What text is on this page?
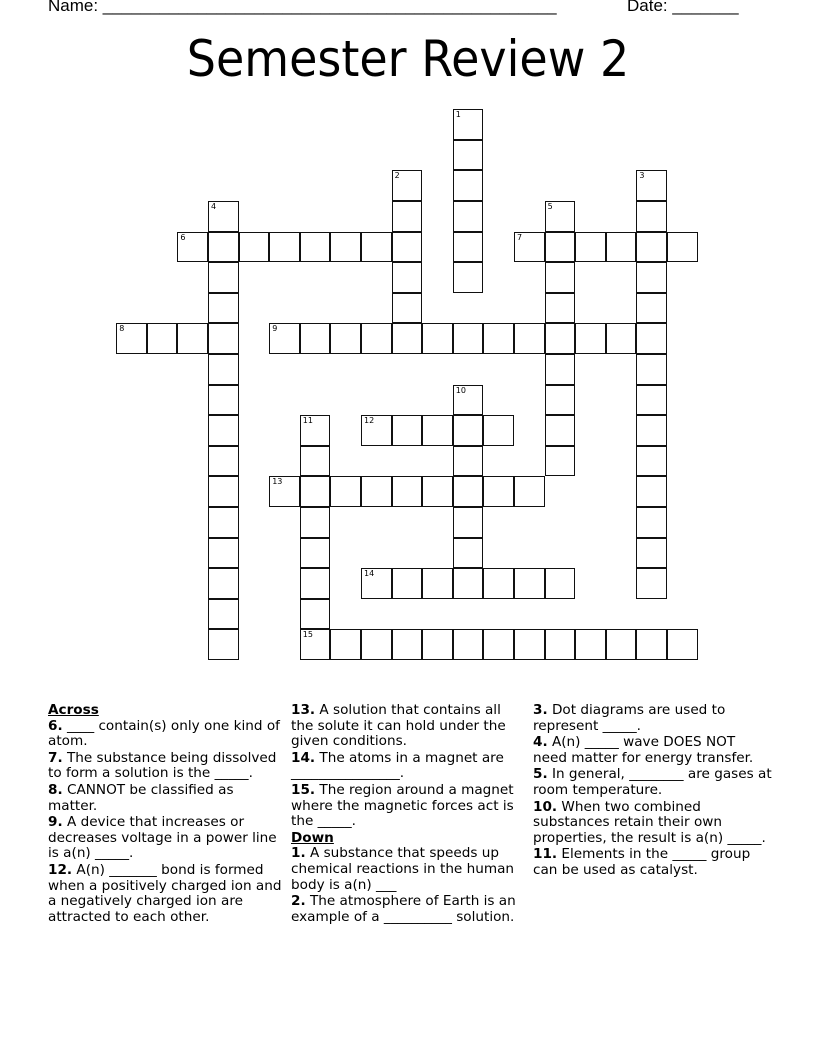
Name: ________________________________________________	Date: _______
Semester Review 2
1
2	3
4	5
6	7
8	9
10
11
15
12
13
14
Across
6. ____ contain(s) only one kind of atom.
7. The substance being dissolved to form a solution is the _____.
8. CANNOT be classified as matter.
9. A device that increases or decreases voltage in a power line is a(n) _____.
12. A(n) _______ bond is formed when a positively charged ion and a negatively charged ion are attracted to each other.
13. A solution that contains all the solute it can hold under the given conditions.
14. The atoms in a magnet are ________________.
15. The region around a magnet where the magnetic forces act is the _____.
Down
1. A substance that speeds up chemical reactions in the human body is a(n) ___
2. The atmosphere of Earth is an example of a __________ solution.
3. Dot diagrams are used to represent _____.
4. A(n) _____ wave DOES NOT need matter for energy transfer.
5. In general, ________ are gases at room temperature.
10. When two combined substances retain their own properties, the result is a(n) _____.
11. Elements in the _____ group can be used as catalyst.
